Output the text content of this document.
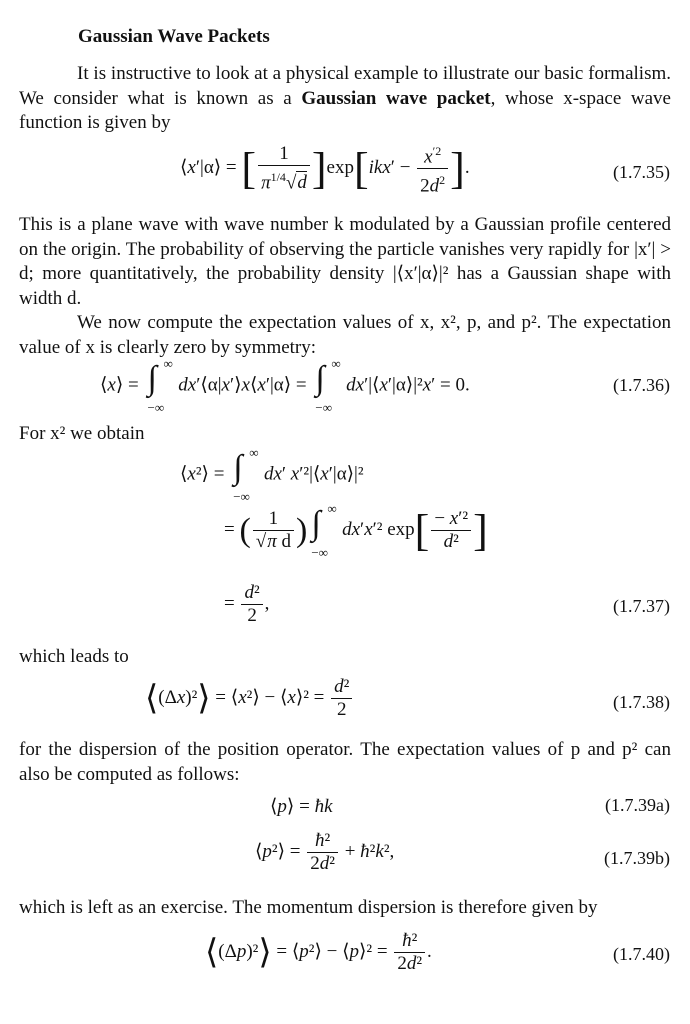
Gaussian Wave Packets
It is instructive to look at a physical example to illustrate our basic formalism. We consider what is known as a Gaussian wave packet, whose x-space wave function is given by
⟨x′|α⟩ = [ $\frac{1}{\pi^{1/4}√d} ]\exp[ikx' - \frac{x^{'2}}{2d^2}$ ].	(1.7.35)
This is a plane wave with wave number k modulated by a Gaussian profile centered on the origin. The probability of observing the particle vanishes very rapidly for |x′| > d; more quantitatively, the probability density |⟨x′|α⟩|² has a Gaussian shape with width d.
We now compute the expectation values of x, x², p, and p². The expectation value of x is clearly zero by symmetry:
⟨x⟩ = ∫ ∞
−∞
dx′⟨α|x′⟩x⟨x′|α⟩ = ∫ ∞
−∞
dx′|⟨x′|α⟩|²x′ = 0.	(1.7.36)
For x² we obtain
⟨x²⟩ = ∫ ∞
−∞
dx′ x′²|⟨x′|α⟩|²
= ( $\frac{1}{\text{√π d}}$ ) ∫ ∞
−∞
dx′x′² $\exp[ \frac{\text{− x′²}}{\text{d²}}$ ]
= $\frac{\text{d²}}{2}$ ,	(1.7.37)
which leads to
⟨(Δx)²⟩ = ⟨x²⟩ − ⟨x⟩² = $\frac{\text{d²}}{2}$	(1.7.38)
for the dispersion of the position operator. The expectation values of p and p² can also be computed as follows:
⟨p⟩ = ħk	(1.7.39a)
⟨p²⟩ = $\frac{\text{ħ²}}{\text{2d²}}$ + ħ²k²,	(1.7.39b)
which is left as an exercise. The momentum dispersion is therefore given by
⟨(Δp)²⟩ = ⟨p²⟩ − ⟨p⟩² = $\frac{\text{ħ²}}{\text{2d²}}$ .	(1.7.40)
